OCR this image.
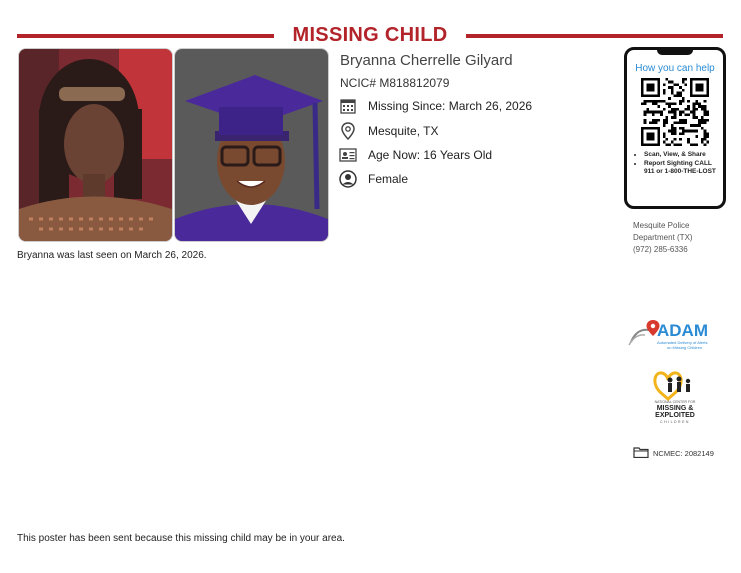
MISSING CHILD
Bryanna Cherrelle Gilyard
NCIC# M818812079
Missing Since: March 26, 2026
Mesquite, TX
Age Now: 16 Years Old
Female
Bryanna was last seen on March 26, 2026.
This poster has been sent because this missing child may be in your area.
How you can help
• Scan, View, & Share
• Report Sighting CALL 911 or 1-800-THE-LOST
Mesquite Police
Department (TX)
(972) 285-6336
ADAM
Automated Delivery of Alerts
on Missing Children
NATIONAL CENTER FOR
MISSING &
EXPLOITED
CHILDREN
NCMEC: 2082149
